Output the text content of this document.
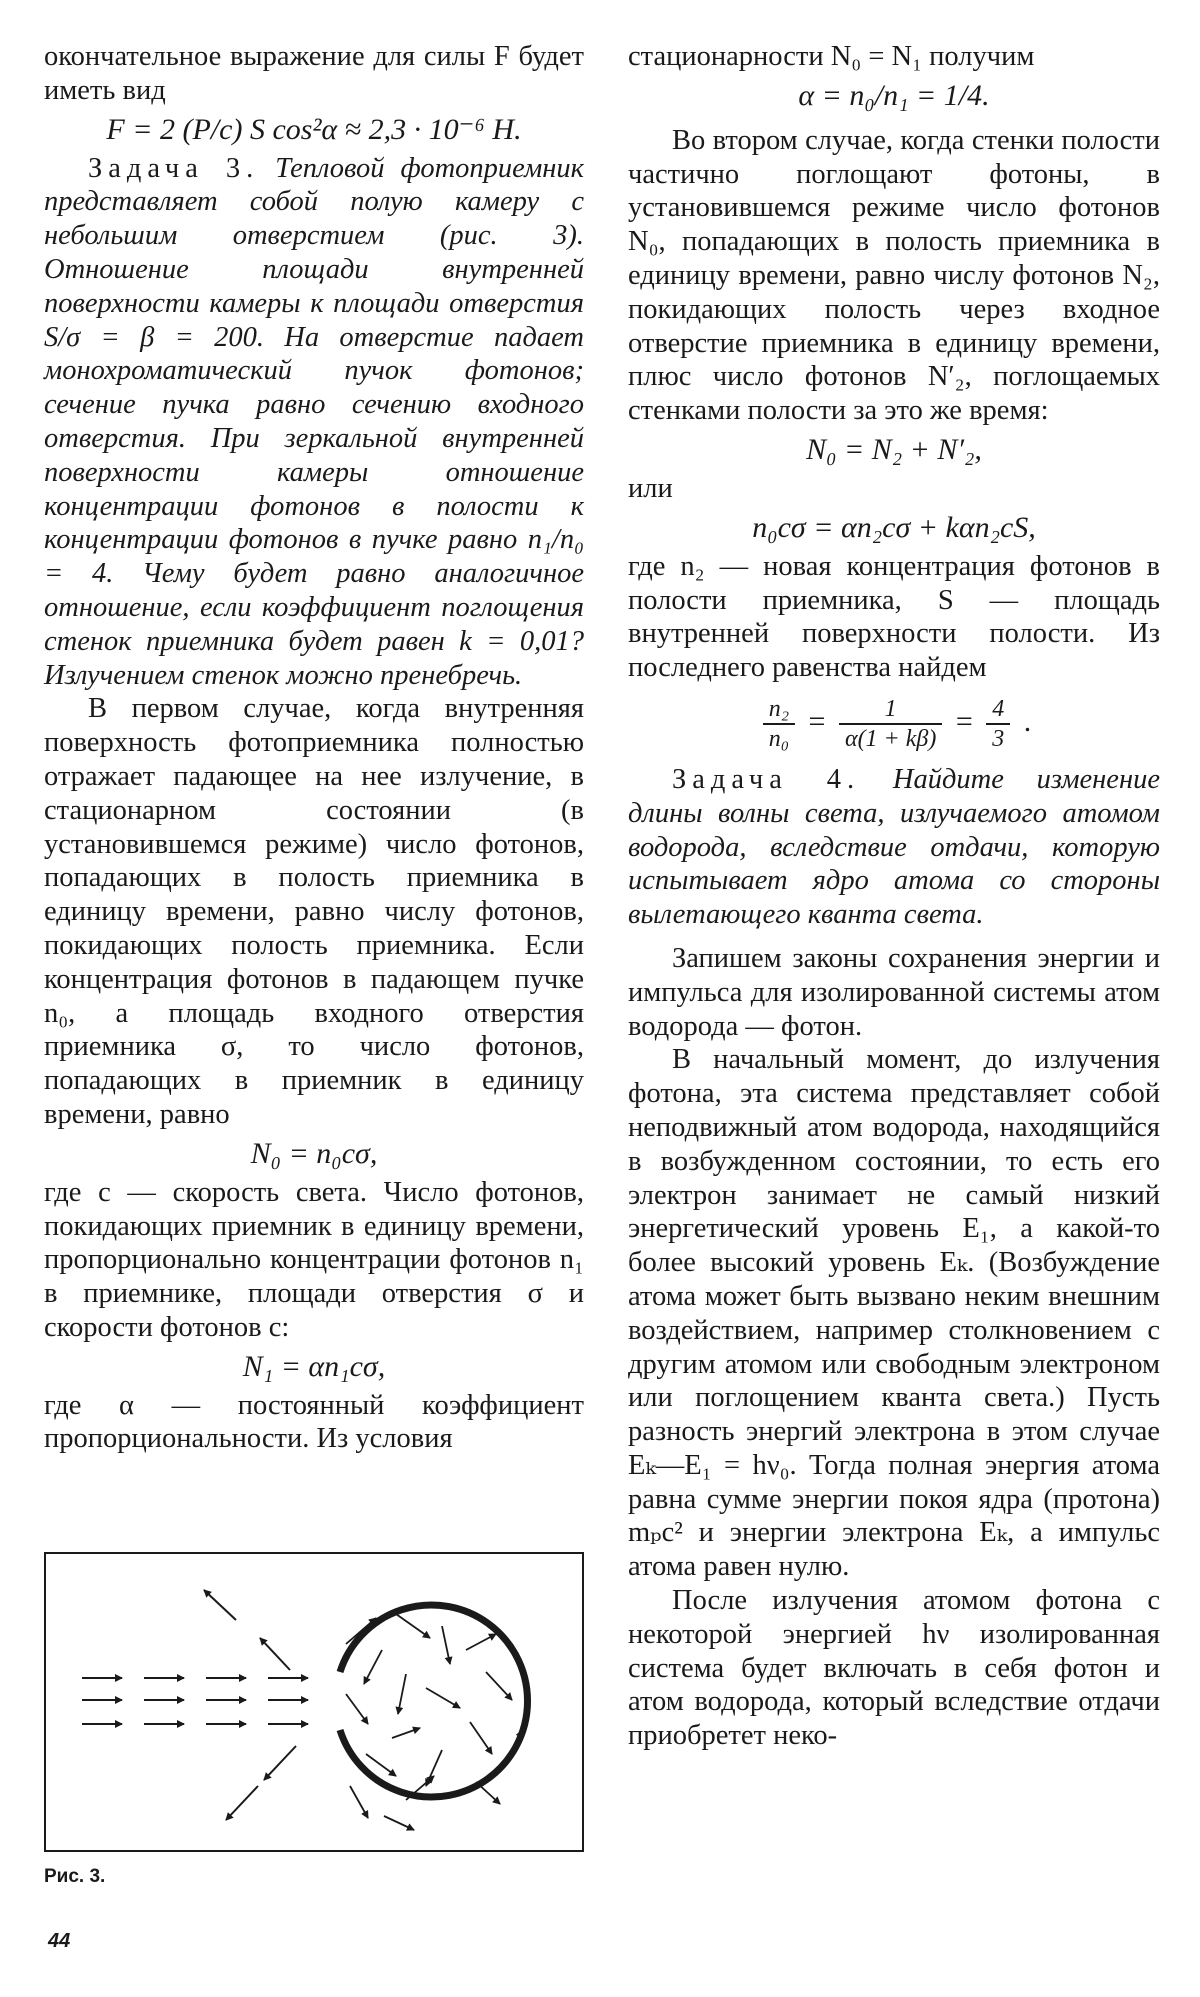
окончательное выражение для силы F будет иметь вид

F = 2 (P/c) S cos²α ≈ 2,3 · 10⁻⁶ Н.

Задача 3. Тепловой фотоприемник представляет собой полую камеру с небольшим отверстием (рис. 3). Отношение площади внутренней поверхности камеры к площади отверстия S/σ = β = 200. На отверстие падает монохроматический пучок фотонов; сечение пучка равно сечению входного отверстия. При зеркальной внутренней поверхности камеры отношение концентрации фотонов в полости к концентрации фотонов в пучке равно n₁/n₀ = 4. Чему будет равно аналогичное отношение, если коэффициент поглощения стенок приемника будет равен k = 0,01? Излучением стенок можно пренебречь.

В первом случае, когда внутренняя поверхность фотоприемника полностью отражает падающее на нее излучение, в стационарном состоянии (в установившемся режиме) число фотонов, попадающих в полость приемника в единицу времени, равно числу фотонов, покидающих полость приемника. Если концентрация фотонов в падающем пучке n₀, а площадь входного отверстия приемника σ, то число фотонов, попадающих в приемник в единицу времени, равно

N₀ = n₀cσ,

где c — скорость света. Число фотонов, покидающих приемник в единицу времени, пропорционально концентрации фотонов n₁ в приемнике, площади отверстия σ и скорости фотонов c:

N₁ = αn₁cσ,

где α — постоянный коэффициент пропорциональности. Из условия

стационарности N₀ = N₁ получим

α = n₀/n₁ = 1/4.

Во втором случае, когда стенки полости частично поглощают фотоны, в установившемся режиме число фотонов N₀, попадающих в полость приемника в единицу времени, равно числу фотонов N₂, покидающих полость через входное отверстие приемника в единицу времени, плюс число фотонов N′₂, поглощаемых стенками полости за это же время:

N₀ = N₂ + N′₂,

или

n₀cσ = αn₂cσ + kαn₂cS,

где n₂ — новая концентрация фотонов в полости приемника, S — площадь внутренней поверхности полости. Из последнего равенства найдем

$\frac{\text{n₂}}{\text{n₀}} = \frac{1}{\alpha(1 + k\beta)} = \frac{4}{3}$ .

Задача 4. Найдите изменение длины волны света, излучаемого атомом водорода, вследствие отдачи, которую испытывает ядро атома со стороны вылетающего кванта света.

Запишем законы сохранения энергии и импульса для изолированной системы атом водорода — фотон.

В начальный момент, до излучения фотона, эта система представляет собой неподвижный атом водорода, находящийся в возбужденном состоянии, то есть его электрон занимает не самый низкий энергетический уровень E₁, а какой-то более высокий уровень Eₖ. (Возбуждение атома может быть вызвано неким внешним воздействием, например столкновением с другим атомом или свободным электроном или поглощением кванта света.) Пусть разность энергий электрона в этом случае Eₖ—E₁ = hν₀. Тогда полная энергия атома равна сумме энергии покоя ядра (протона) mₚc² и энергии электрона Eₖ, а импульс атома равен нулю.

После излучения атомом фотона с некоторой энергией hν изолированная система будет включать в себя фотон и атом водорода, который вследствие отдачи приобретет неко-

Рис. 3.
44
